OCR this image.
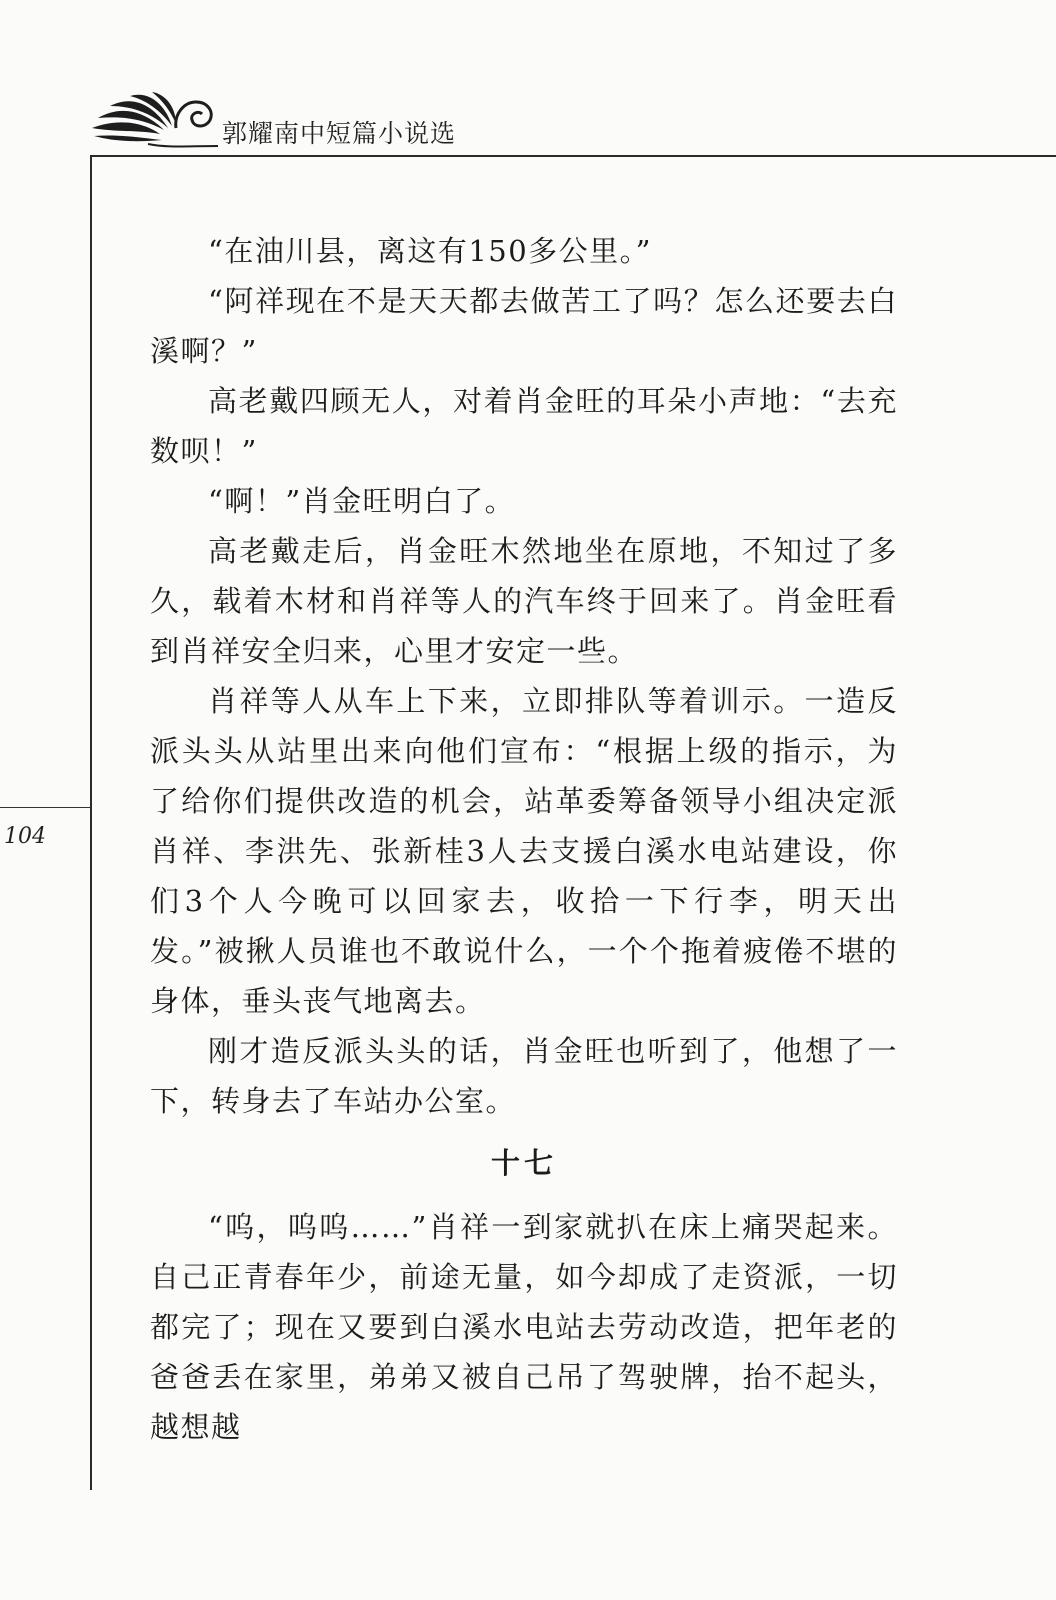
郭耀南中短篇小说选
104

“在油川县，离这有150多公里。”

“阿祥现在不是天天都去做苦工了吗？怎么还要去白溪啊？”

高老戴四顾无人，对着肖金旺的耳朵小声地：“去充数呗！”

“啊！”肖金旺明白了。

高老戴走后，肖金旺木然地坐在原地，不知过了多久，载着木材和肖祥等人的汽车终于回来了。肖金旺看到肖祥安全归来，心里才安定一些。

肖祥等人从车上下来，立即排队等着训示。一造反派头头从站里出来向他们宣布：“根据上级的指示，为了给你们提供改造的机会，站革委筹备领导小组决定派肖祥、李洪先、张新桂3人去支援白溪水电站建设，你们3个人今晚可以回家去，收拾一下行李，明天出发。”被揪人员谁也不敢说什么，一个个拖着疲倦不堪的身体，垂头丧气地离去。

刚才造反派头头的话，肖金旺也听到了，他想了一下，转身去了车站办公室。

十七

“呜，呜呜……”肖祥一到家就扒在床上痛哭起来。自己正青春年少，前途无量，如今却成了走资派，一切都完了；现在又要到白溪水电站去劳动改造，把年老的爸爸丢在家里，弟弟又被自己吊了驾驶牌，抬不起头，越想越
